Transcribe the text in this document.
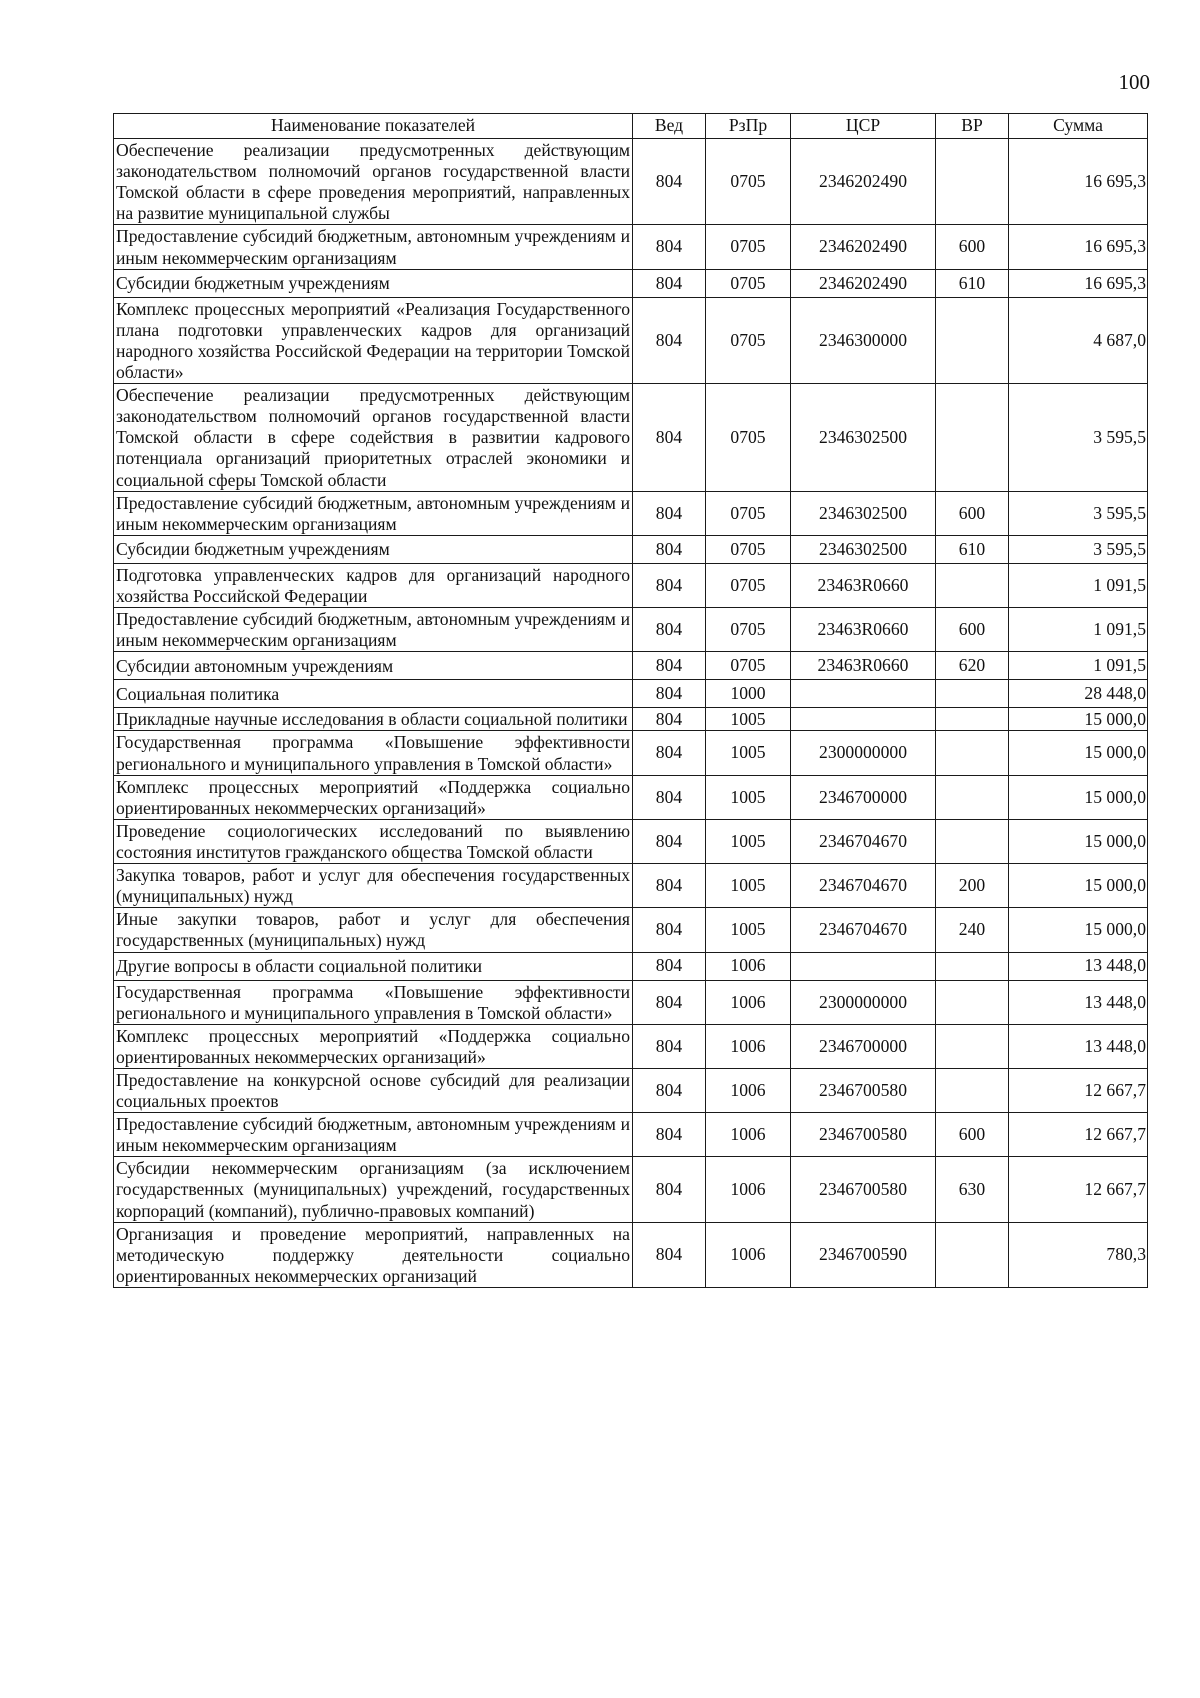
100
Наименование показателей	Вед	РзПр	ЦСР	ВР	Сумма
Обеспечение реализации предусмотренных действующим законодательством полномочий органов государственной власти Томской области в сфере проведения мероприятий, направленных на развитие муниципальной службы	804	0705	2346202490		16 695,3
Предоставление субсидий бюджетным, автономным учреждениям и иным некоммерческим организациям	804	0705	2346202490	600	16 695,3
Субсидии бюджетным учреждениям	804	0705	2346202490	610	16 695,3
Комплекс процессных мероприятий «Реализация Государственного плана подготовки управленческих кадров для организаций народного хозяйства Российской Федерации на территории Томской области»	804	0705	2346300000		4 687,0
Обеспечение реализации предусмотренных действующим законодательством полномочий органов государственной власти Томской области в сфере содействия в развитии кадрового потенциала организаций приоритетных отраслей экономики и социальной сферы Томской области	804	0705	2346302500		3 595,5
Предоставление субсидий бюджетным, автономным учреждениям и иным некоммерческим организациям	804	0705	2346302500	600	3 595,5
Субсидии бюджетным учреждениям	804	0705	2346302500	610	3 595,5
Подготовка управленческих кадров для организаций народного хозяйства Российской Федерации	804	0705	23463R0660		1 091,5
Предоставление субсидий бюджетным, автономным учреждениям и иным некоммерческим организациям	804	0705	23463R0660	600	1 091,5
Субсидии автономным учреждениям	804	0705	23463R0660	620	1 091,5
Социальная политика	804	1000			28 448,0
Прикладные научные исследования в области социальной политики	804	1005			15 000,0
Государственная программа «Повышение эффективности регионального и муниципального управления в Томской области»	804	1005	2300000000		15 000,0
Комплекс процессных мероприятий «Поддержка социально ориентированных некоммерческих организаций»	804	1005	2346700000		15 000,0
Проведение социологических исследований по выявлению состояния институтов гражданского общества Томской области	804	1005	2346704670		15 000,0
Закупка товаров, работ и услуг для обеспечения государственных (муниципальных) нужд	804	1005	2346704670	200	15 000,0
Иные закупки товаров, работ и услуг для обеспечения государственных (муниципальных) нужд	804	1005	2346704670	240	15 000,0
Другие вопросы в области социальной политики	804	1006			13 448,0
Государственная программа «Повышение эффективности регионального и муниципального управления в Томской области»	804	1006	2300000000		13 448,0
Комплекс процессных мероприятий «Поддержка социально ориентированных некоммерческих организаций»	804	1006	2346700000		13 448,0
Предоставление на конкурсной основе субсидий для реализации социальных проектов	804	1006	2346700580		12 667,7
Предоставление субсидий бюджетным, автономным учреждениям и иным некоммерческим организациям	804	1006	2346700580	600	12 667,7
Субсидии некоммерческим организациям (за исключением государственных (муниципальных) учреждений, государственных корпораций (компаний), публично-правовых компаний)	804	1006	2346700580	630	12 667,7
Организация и проведение мероприятий, направленных на методическую поддержку деятельности социально ориентированных некоммерческих организаций	804	1006	2346700590		780,3
